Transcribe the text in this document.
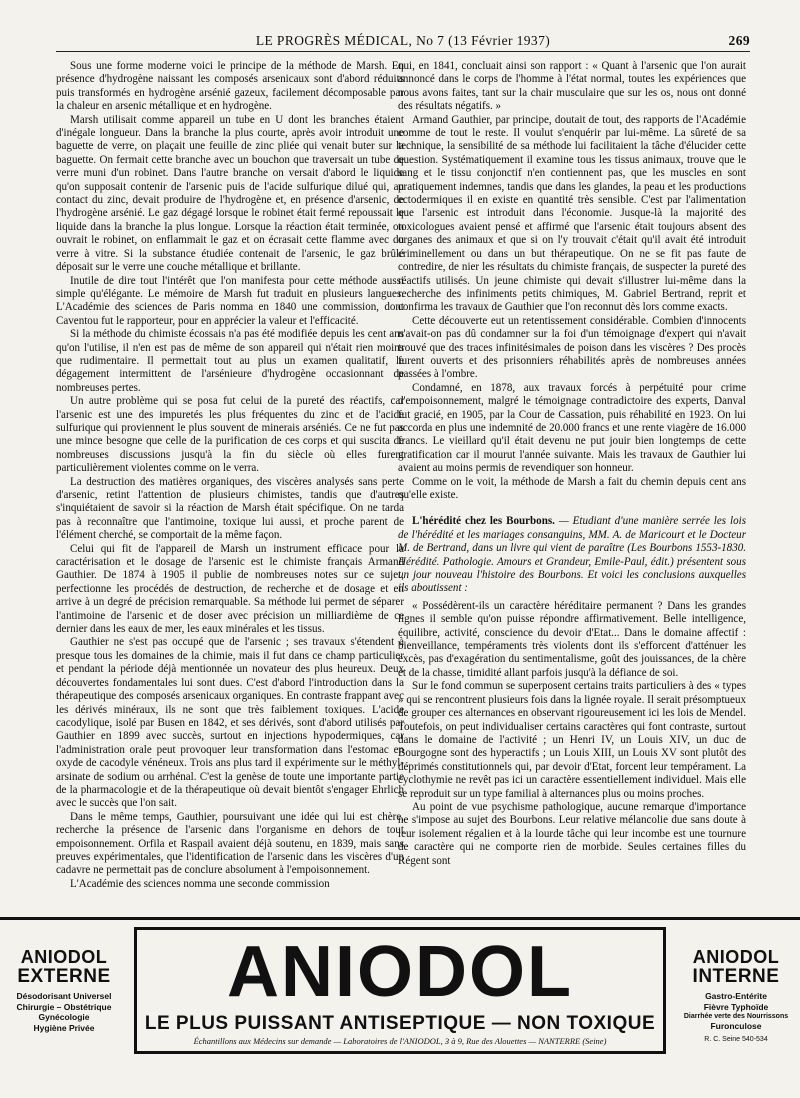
LE PROGRÈS MÉDICAL, No 7 (13 Février 1937)	269

Sous une forme moderne voici le principe de la méthode de Marsh. En présence d'hydrogène naissant les composés arsenicaux sont d'abord réduits puis transformés en hydrogène arsénié gazeux, facilement décomposable par la chaleur en arsenic métallique et en hydrogène.

Marsh utilisait comme appareil un tube en U dont les branches étaient d'inégale longueur. Dans la branche la plus courte, après avoir introduit une baguette de verre, on plaçait une feuille de zinc pliée qui venait buter sur la baguette. On fermait cette branche avec un bouchon que traversait un tube de verre muni d'un robinet. Dans l'autre branche on versait d'abord le liquide qu'on supposait contenir de l'arsenic puis de l'acide sulfurique dilué qui, au contact du zinc, devait produire de l'hydrogène et, en présence d'arsenic, de l'hydrogène arsénié. Le gaz dégagé lorsque le robinet était fermé repoussait le liquide dans la branche la plus longue. Lorsque la réaction était terminée, on ouvrait le robinet, on enflammait le gaz et on écrasait cette flamme avec du verre à vitre. Si la substance étudiée contenait de l'arsenic, le gaz brûlé déposait sur le verre une couche métallique et brillante.

Inutile de dire tout l'intérêt que l'on manifesta pour cette méthode aussi simple qu'élégante. Le mémoire de Marsh fut traduit en plusieurs langues. L'Académie des sciences de Paris nomma en 1840 une commission, dont Caventou fut le rapporteur, pour en apprécier la valeur et l'efficacité.

Si la méthode du chimiste écossais n'a pas été modifiée depuis les cent ans qu'on l'utilise, il n'en est pas de même de son appareil qui n'était rien moins que rudimentaire. Il permettait tout au plus un examen qualitatif, le dégagement intermittent de l'arsénieure d'hydrogène occasionnant de nombreuses pertes.

Un autre problème qui se posa fut celui de la pureté des réactifs, car l'arsenic est une des impuretés les plus fréquentes du zinc et de l'acide sulfurique qui proviennent le plus souvent de minerais arséniés. Ce ne fut pas une mince besogne que celle de la purification de ces corps et qui suscita de nombreuses discussions jusqu'à la fin du siècle où elles furent particulièrement violentes comme on le verra.

La destruction des matières organiques, des viscères analysés sans perte d'arsenic, retint l'attention de plusieurs chimistes, tandis que d'autres s'inquiétaient de savoir si la réaction de Marsh était spécifique. On ne tarda pas à reconnaître que l'antimoine, toxique lui aussi, et proche parent de l'élément cherché, se comportait de la même façon.

Celui qui fit de l'appareil de Marsh un instrument efficace pour la caractérisation et le dosage de l'arsenic est le chimiste français Armand Gauthier. De 1874 à 1905 il publie de nombreuses notes sur ce sujet, perfectionne les procédés de destruction, de recherche et de dosage et en arrive à un degré de précision remarquable. Sa méthode lui permet de séparer l'antimoine de l'arsenic et de doser avec précision un milliardième de ce dernier dans les eaux de mer, les eaux minérales et les tissus.

Gauthier ne s'est pas occupé que de l'arsenic ; ses travaux s'étendent à presque tous les domaines de la chimie, mais il fut dans ce champ particulier et pendant la période déjà mentionnée un novateur des plus heureux. Deux découvertes fondamentales lui sont dues. C'est d'abord l'introduction dans la thérapeutique des composés arsenicaux organiques. En contraste frappant avec les dérivés minéraux, ils ne sont que très faiblement toxiques. L'acide cacodylique, isolé par Busen en 1842, et ses dérivés, sont d'abord utilisés par Gauthier en 1899 avec succès, surtout en injections hypodermiques, car l'administration orale peut provoquer leur transformation dans l'estomac en oxyde de cacodyle vénéneux. Trois ans plus tard il expérimente sur le méthyl-arsinate de sodium ou arrhénal. C'est la genèse de toute une importante partie de la pharmacologie et de la thérapeutique où devait bientôt s'engager Ehrlich avec le succès que l'on sait.

Dans le même temps, Gauthier, poursuivant une idée qui lui est chère, recherche la présence de l'arsenic dans l'organisme en dehors de tout empoisonnement. Orfila et Raspail avaient déjà soutenu, en 1839, mais sans preuves expérimentales, que l'identification de l'arsenic dans les viscères d'un cadavre ne permettait pas de conclure absolument à l'empoisonnement.

L'Académie des sciences nomma une seconde commission

qui, en 1841, concluait ainsi son rapport : « Quant à l'arsenic que l'on aurait annoncé dans le corps de l'homme à l'état normal, toutes les expériences que nous avons faites, tant sur la chair musculaire que sur les os, nous ont donné des résultats négatifs. »

Armand Gauthier, par principe, doutait de tout, des rapports de l'Académie comme de tout le reste. Il voulut s'enquérir par lui-même. La sûreté de sa technique, la sensibilité de sa méthode lui facilitaient la tâche d'élucider cette question. Systématiquement il examine tous les tissus animaux, trouve que le sang et le tissu conjonctif n'en contiennent pas, que les muscles en sont pratiquement indemnes, tandis que dans les glandes, la peau et les productions ectodermiques il en existe en quantité très sensible. C'est par l'alimentation que l'arsenic est introduit dans l'économie. Jusque-là la majorité des toxicologues avaient pensé et affirmé que l'arsenic était toujours absent des organes des animaux et que si on l'y trouvait c'était qu'il avait été introduit criminellement ou dans un but thérapeutique. On ne se fit pas faute de contredire, de nier les résultats du chimiste français, de suspecter la pureté des réactifs utilisés. Un jeune chimiste qui devait s'illustrer lui-même dans la recherche des infiniments petits chimiques, M. Gabriel Bertrand, reprit et confirma les travaux de Gauthier que l'on reconnut dès lors comme exacts.

Cette découverte eut un retentissement considérable. Combien d'innocents n'avait-on pas dû condamner sur la foi d'un témoignage d'expert qui n'avait trouvé que des traces infinitésimales de poison dans les viscères ? Des procès furent ouverts et des prisonniers réhabilités après de nombreuses années passées à l'ombre.

Condamné, en 1878, aux travaux forcés à perpétuité pour crime d'empoisonnement, malgré le témoignage contradictoire des experts, Danval fut gracié, en 1905, par la Cour de Cassation, puis réhabilité en 1923. On lui accorda en plus une indemnité de 20.000 francs et une rente viagère de 16.000 francs. Le vieillard qu'il était devenu ne put jouir bien longtemps de cette gratification car il mourut l'année suivante. Mais les travaux de Gauthier lui avaient au moins permis de revendiquer son honneur.

Comme on le voit, la méthode de Marsh a fait du chemin depuis cent ans qu'elle existe.

L'hérédité chez les Bourbons. — Etudiant d'une manière serrée les lois de l'hérédité et les mariages consanguins, MM. A. de Maricourt et le Docteur M. de Bertrand, dans un livre qui vient de paraître (Les Bourbons 1553-1830. Hérédité. Pathologie. Amours et Grandeur, Emile-Paul, édit.) présentent sous un jour nouveau l'histoire des Bourbons. Et voici les conclusions auxquelles ils aboutissent :

« Possédèrent-ils un caractère héréditaire permanent ? Dans les grandes lignes il semble qu'on puisse répondre affirmativement. Belle intelligence, équilibre, activité, conscience du devoir d'Etat... Dans le domaine affectif : bienveillance, tempéraments très violents dont ils s'efforcent d'atténuer les excès, pas d'exagération du sentimentalisme, goût des jouissances, de la chère et de la chasse, timidité allant parfois jusqu'à la défiance de soi.

Sur le fond commun se superposent certains traits particuliers à des « types » qui se rencontrent plusieurs fois dans la lignée royale. Il serait présomptueux de grouper ces alternances en observant rigoureusement ici les lois de Mendel. Toutefois, on peut individualiser certains caractères qui font contraste, surtout dans le domaine de l'activité ; un Henri IV, un Louis XIV, un duc de Bourgogne sont des hyperactifs ; un Louis XIII, un Louis XV sont plutôt des déprimés constitutionnels qui, par devoir d'Etat, forcent leur tempérament. La cyclothymie ne revêt pas ici un caractère essentiellement individuel. Mais elle se reproduit sur un type familial à alternances plus ou moins proches.

Au point de vue psychisme pathologique, aucune remarque d'importance ne s'impose au sujet des Bourbons. Leur relative mélancolie due sans doute à leur isolement régalien et à la lourde tâche qui leur incombe est une tournure de caractère qui ne comporte rien de morbide. Seules certaines filles du Régent sont

ANIODOL
EXTERNE
Désodorisant Universel
Chirurgie – Obstétrique
Gynécologie
Hygiène Privée
ANIODOL
LE PLUS PUISSANT ANTISEPTIQUE — NON TOXIQUE
Échantillons aux Médecins sur demande — Laboratoires de l'ANIODOL, 3 à 9, Rue des Alouettes — NANTERRE (Seine)
ANIODOL
INTERNE
Gastro-Entérite
Fièvre Typhoïde
Diarrhée verte des Nourrissons
Furonculose
R. C. Seine 540-534
